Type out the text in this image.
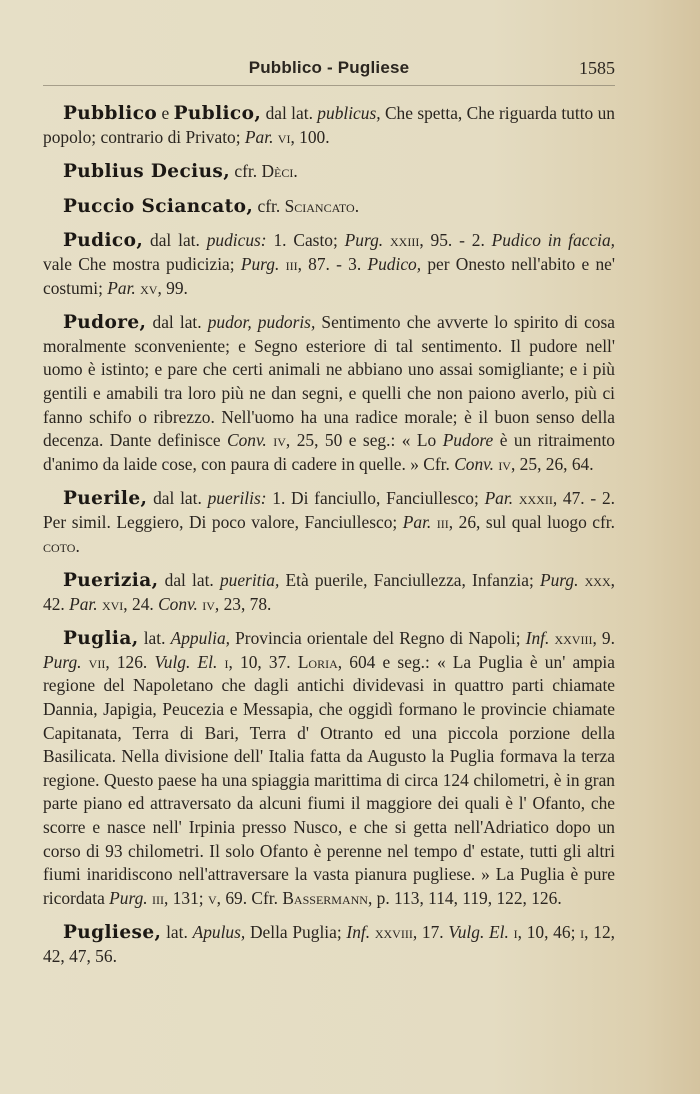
Pubblico - Pugliese	1585

Pubblico e Publico, dal lat. publicus, Che spetta, Che riguarda tutto un popolo; contrario di Privato; Par. vi, 100.

Publius Decius, cfr. Dèci.

Puccio Sciancato, cfr. Sciancato.

Pudico, dal lat. pudicus: 1. Casto; Purg. xxiii, 95. - 2. Pudico in faccia, vale Che mostra pudicizia; Purg. iii, 87. - 3. Pudico, per Onesto nell'abito e ne' costumi; Par. xv, 99.

Pudore, dal lat. pudor, pudoris, Sentimento che avverte lo spirito di cosa moralmente sconveniente; e Segno esteriore di tal sentimento. Il pudore nell' uomo è istinto; e pare che certi animali ne abbiano uno assai somigliante; e i più gentili e amabili tra loro più ne dan segni, e quelli che non paiono averlo, più ci fanno schifo o ribrezzo. Nell'uomo ha una radice morale; è il buon senso della decenza. Dante definisce Conv. iv, 25, 50 e seg.: « Lo Pudore è un ritraimento d'animo da laide cose, con paura di cadere in quelle. » Cfr. Conv. iv, 25, 26, 64.

Puerile, dal lat. puerilis: 1. Di fanciullo, Fanciullesco; Par. xxxii, 47. - 2. Per simil. Leggiero, Di poco valore, Fanciullesco; Par. iii, 26, sul qual luogo cfr. coto.

Puerizia, dal lat. pueritia, Età puerile, Fanciullezza, Infanzia; Purg. xxx, 42. Par. xvi, 24. Conv. iv, 23, 78.

Puglia, lat. Appulia, Provincia orientale del Regno di Napoli; Inf. xxviii, 9. Purg. vii, 126. Vulg. El. i, 10, 37. Loria, 604 e seg.: « La Puglia è un' ampia regione del Napoletano che dagli antichi dividevasi in quattro parti chiamate Dannia, Japigia, Peucezia e Messapia, che oggidì formano le provincie chiamate Capitanata, Terra di Bari, Terra d' Otranto ed una piccola porzione della Basilicata. Nella divisione dell' Italia fatta da Augusto la Puglia formava la terza regione. Questo paese ha una spiaggia marittima di circa 124 chilometri, è in gran parte piano ed attraversato da alcuni fiumi il maggiore dei quali è l' Ofanto, che scorre e nasce nell' Irpinia presso Nusco, e che si getta nell'Adriatico dopo un corso di 93 chilometri. Il solo Ofanto è perenne nel tempo d' estate, tutti gli altri fiumi inaridiscono nell'attraversare la vasta pianura pugliese. » La Puglia è pure ricordata Purg. iii, 131; v, 69. Cfr. Bassermann, p. 113, 114, 119, 122, 126.

Pugliese, lat. Apulus, Della Puglia; Inf. xxviii, 17. Vulg. El. i, 10, 46; i, 12, 42, 47, 56.
